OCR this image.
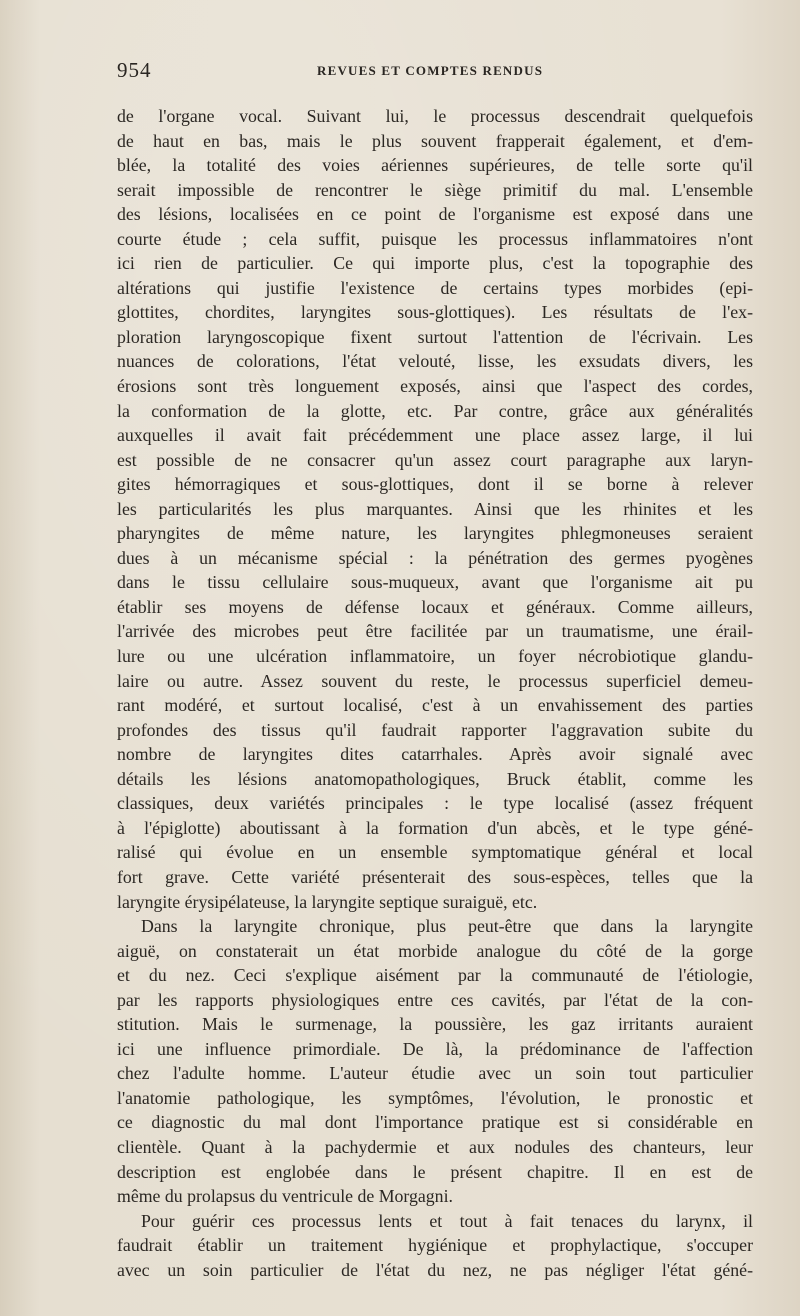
954	REVUES ET COMPTES RENDUS
de l'organe vocal. Suivant lui, le processus descendrait quelquefois
de haut en bas, mais le plus souvent frapperait également, et d'em-
blée, la totalité des voies aériennes supérieures, de telle sorte qu'il
serait impossible de rencontrer le siège primitif du mal. L'ensemble
des lésions, localisées en ce point de l'organisme est exposé dans une
courte étude ; cela suffit, puisque les processus inflammatoires n'ont
ici rien de particulier. Ce qui importe plus, c'est la topographie des
altérations qui justifie l'existence de certains types morbides (epi-
glottites, chordites, laryngites sous-glottiques). Les résultats de l'ex-
ploration laryngoscopique fixent surtout l'attention de l'écrivain. Les
nuances de colorations, l'état velouté, lisse, les exsudats divers, les
érosions sont très longuement exposés, ainsi que l'aspect des cordes,
la conformation de la glotte, etc. Par contre, grâce aux généralités
auxquelles il avait fait précédemment une place assez large, il lui
est possible de ne consacrer qu'un assez court paragraphe aux laryn-
gites hémorragiques et sous-glottiques, dont il se borne à relever
les particularités les plus marquantes. Ainsi que les rhinites et les
pharyngites de même nature, les laryngites phlegmoneuses seraient
dues à un mécanisme spécial : la pénétration des germes pyogènes
dans le tissu cellulaire sous-muqueux, avant que l'organisme ait pu
établir ses moyens de défense locaux et généraux. Comme ailleurs,
l'arrivée des microbes peut être facilitée par un traumatisme, une érail-
lure ou une ulcération inflammatoire, un foyer nécrobiotique glandu-
laire ou autre. Assez souvent du reste, le processus superficiel demeu-
rant modéré, et surtout localisé, c'est à un envahissement des parties
profondes des tissus qu'il faudrait rapporter l'aggravation subite du
nombre de laryngites dites catarrhales. Après avoir signalé avec
détails les lésions anatomopathologiques, Bruck établit, comme les
classiques, deux variétés principales : le type localisé (assez fréquent
à l'épiglotte) aboutissant à la formation d'un abcès, et le type géné-
ralisé qui évolue en un ensemble symptomatique général et local
fort grave. Cette variété présenterait des sous-espèces, telles que la
laryngite érysipélateuse, la laryngite septique suraiguë, etc.
Dans la laryngite chronique, plus peut-être que dans la laryngite
aiguë, on constaterait un état morbide analogue du côté de la gorge
et du nez. Ceci s'explique aisément par la communauté de l'étiologie,
par les rapports physiologiques entre ces cavités, par l'état de la con-
stitution. Mais le surmenage, la poussière, les gaz irritants auraient
ici une influence primordiale. De là, la prédominance de l'affection
chez l'adulte homme. L'auteur étudie avec un soin tout particulier
l'anatomie pathologique, les symptômes, l'évolution, le pronostic et
ce diagnostic du mal dont l'importance pratique est si considérable en
clientèle. Quant à la pachydermie et aux nodules des chanteurs, leur
description est englobée dans le présent chapitre. Il en est de
même du prolapsus du ventricule de Morgagni.
Pour guérir ces processus lents et tout à fait tenaces du larynx, il
faudrait établir un traitement hygiénique et prophylactique, s'occuper
avec un soin particulier de l'état du nez, ne pas négliger l'état géné-
